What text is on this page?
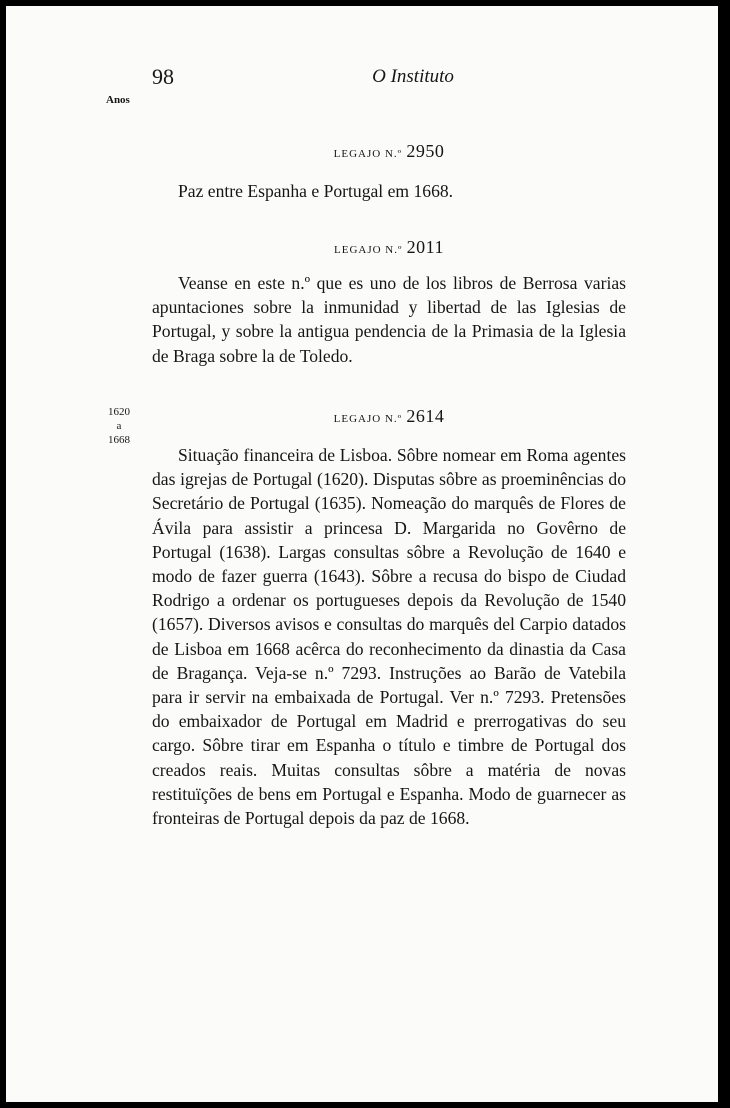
98	O Instituto
Anos
LEGAJO N.º 2950
Paz entre Espanha e Portugal em 1668.
LEGAJO N.º 2011
Veanse en este n.º que es uno de los libros de Berrosa varias apuntaciones sobre la inmunidad y libertad de las Iglesias de Portugal, y sobre la antigua pendencia de la Primasia de la Iglesia de Braga sobre la de Toledo.
1620
a
1668
LEGAJO N.º 2614
Situação financeira de Lisboa. Sôbre nomear em Roma agentes das igrejas de Portugal (1620). Disputas sôbre as proeminências do Secretário de Portugal (1635). Nomeação do marquês de Flores de Ávila para assistir a princesa D. Margarida no Govêrno de Portugal (1638). Largas consultas sôbre a Revolução de 1640 e modo de fazer guerra (1643). Sôbre a recusa do bispo de Ciudad Rodrigo a ordenar os portugueses depois da Revolução de 1540 (1657). Diversos avisos e consultas do marquês del Carpio datados de Lisboa em 1668 acêrca do reconhecimento da dinastia da Casa de Bragança. Veja-se n.º 7293. Instruções ao Barão de Vatebila para ir servir na embaixada de Portugal. Ver n.º 7293. Pretensões do embaixador de Portugal em Madrid e prerrogativas do seu cargo. Sôbre tirar em Espanha o título e timbre de Portugal dos creados reais. Muitas consultas sôbre a matéria de novas restituïções de bens em Portugal e Espanha. Modo de guarnecer as fronteiras de Portugal depois da paz de 1668.
